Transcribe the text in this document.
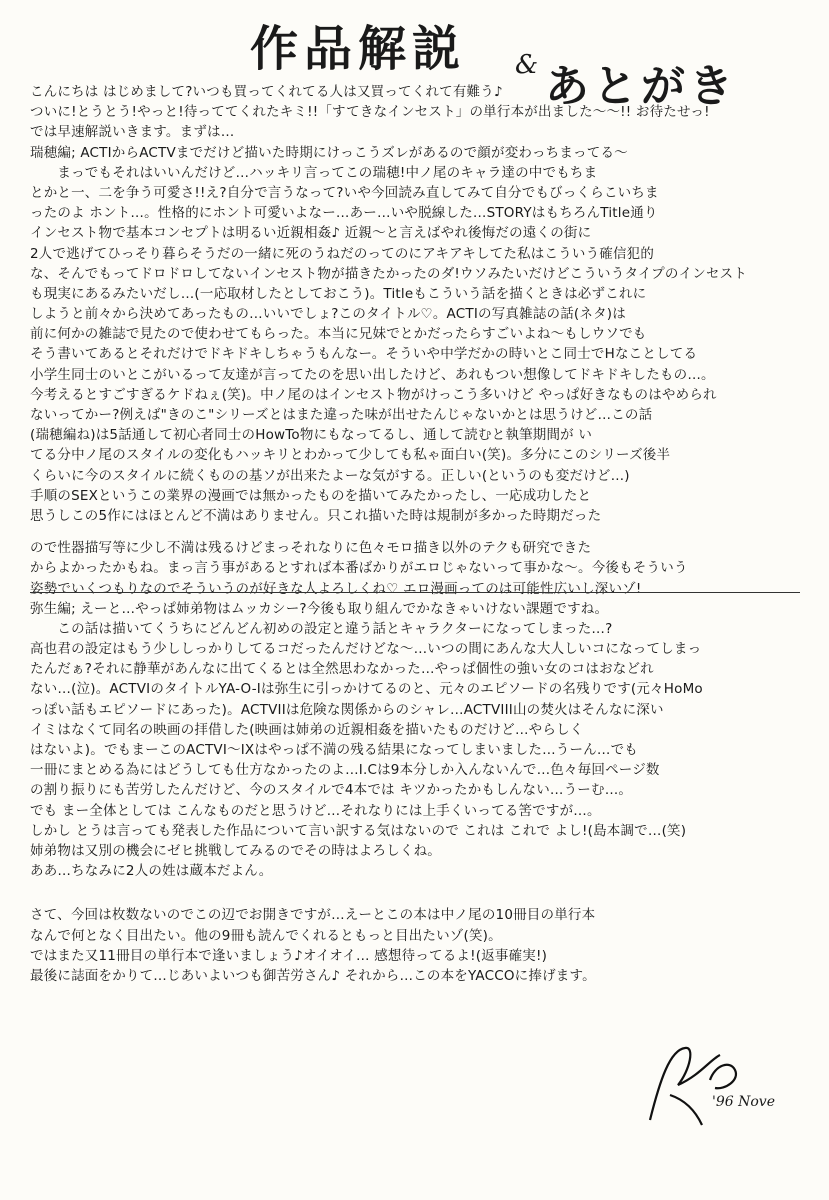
作品解説 & あとがき
こんにちは はじめまして?いつも買ってくれてる人は又買ってくれて有難う♪
ついに!とうとう!やっと!待っててくれたキミ!!「すてきなインセスト」の単行本が出ました〜〜!! お待たせっ!
では早速解説いきます。まずは…
瑞穂編; ACTIからACTVまでだけど描いた時期にけっこうズレがあるので顔が変わっちまってる〜
　　まっでもそれはいいんだけど…ハッキリ言ってこの瑞穂!中ノ尾のキャラ達の中でもちま
とかと一、二を争う可愛さ!!え?自分で言うなって?いや今回読み直してみて自分でもびっくらこいちま
ったのよ ホント…。性格的にホント可愛いよなー…あー…いや脱線した…STORYはもちろんTitle通り
インセスト物で基本コンセプトは明るい近親相姦♪ 近親〜と言えばやれ後悔だの遠くの街に
2人で逃げてひっそり暮らそうだの一緒に死のうねだのってのにアキアキしてた私はこういう確信犯的
な、そんでもってドロドロしてないインセスト物が描きたかったのダ!ウソみたいだけどこういうタイプのインセスト
も現実にあるみたいだし…(一応取材したとしておこう)。Titleもこういう話を描くときは必ずこれに
しようと前々から決めてあったもの…いいでしょ?このタイトル♡。ACTIの写真雑誌の話(ネタ)は
前に何かの雑誌で見たので使わせてもらった。本当に兄妹でとかだったらすごいよね〜もしウソでも
そう書いてあるとそれだけでドキドキしちゃうもんなー。そういや中学だかの時いとこ同士でHなことしてる
小学生同士のいとこがいるって友達が言ってたのを思い出したけど、あれもつい想像してドキドキしたもの…。
今考えるとすごすぎるケドねぇ(笑)。中ノ尾のはインセスト物がけっこう多いけど やっぱ好きなものはやめられ
ないってかー?例えば"きのこ"シリーズとはまた違った味が出せたんじゃないかとは思うけど…この話
(瑞穂編ね)は5話通して初心者同士のHowTo物にもなってるし、通して読むと執筆期間が い
てる分中ノ尾のスタイルの変化もハッキリとわかって少しても私ゃ面白い(笑)。多分にこのシリーズ後半
くらいに今のスタイルに続くものの基ソが出来たよーな気がする。正しい(というのも変だけど…)
手順のSEXというこの業界の漫画では無かったものを描いてみたかったし、一応成功したと
思うしこの5作にはほとんど不満はありません。只これ描いた時は規制が多かった時期だった
ので性器描写等に少し不満は残るけどまっそれなりに色々モロ描き以外のテクも研究できた
からよかったかもね。まっ言う事があるとすれば本番ばかりがエロじゃないって事かな〜。今後もそういう
姿勢でいくつもりなのでそういうのが好きな人よろしくね♡ エロ漫画ってのは可能性広いし深いゾ!
弥生編; えーと…やっぱ姉弟物はムッカシー?今後も取り組んでかなきゃいけない課題ですね。
　　この話は描いてくうちにどんどん初めの設定と違う話とキャラクターになってしまった…?
高也君の設定はもう少ししっかりしてるコだったんだけどな〜…いつの間にあんな大人しいコになってしまっ
たんだぁ?それに静華があんなに出てくるとは全然思わなかった…やっぱ個性の強い女のコはおなどれ
ない…(泣)。ACTVIのタイトルYA-O-Iは弥生に引っかけてるのと、元々のエピソードの名残りです(元々HoMo
っぽい話もエピソードにあった)。ACTVIIは危険な関係からのシャレ…ACTVIII山の焚火はそんなに深い
イミはなくて同名の映画の拝借した(映画は姉弟の近親相姦を描いたものだけど…やらしく
はないよ)。でもまーこのACTVI〜IXはやっぱ不満の残る結果になってしまいました…うーん…でも
一冊にまとめる為にはどうしても仕方なかったのよ…I.Cは9本分しか入んないんで…色々毎回ページ数
の割り振りにも苦労したんだけど、今のスタイルで4本では キツかったかもしんない…うーむ…。
でも まー全体としては こんなものだと思うけど…それなりには上手くいってる筈ですが…。
しかし とうは言っても発表した作品について言い訳する気はないので これは これで よし!(島本調で…(笑)
姉弟物は又別の機会にゼヒ挑戦してみるのでその時はよろしくね。
ああ…ちなみに2人の姓は蔵本だよん。
さて、今回は枚数ないのでこの辺でお開きですが…えーとこの本は中ノ尾の10冊目の単行本
なんで何となく目出たい。他の9冊も読んでくれるともっと目出たいゾ(笑)。
ではまた又11冊目の単行本で逢いましょう♪オイオイ… 感想待ってるよ!(返事確実!)
最後に誌面をかりて…じあいよいつも御苦労さん♪ それから…この本をYACCOに捧げます。
'96 Nove
